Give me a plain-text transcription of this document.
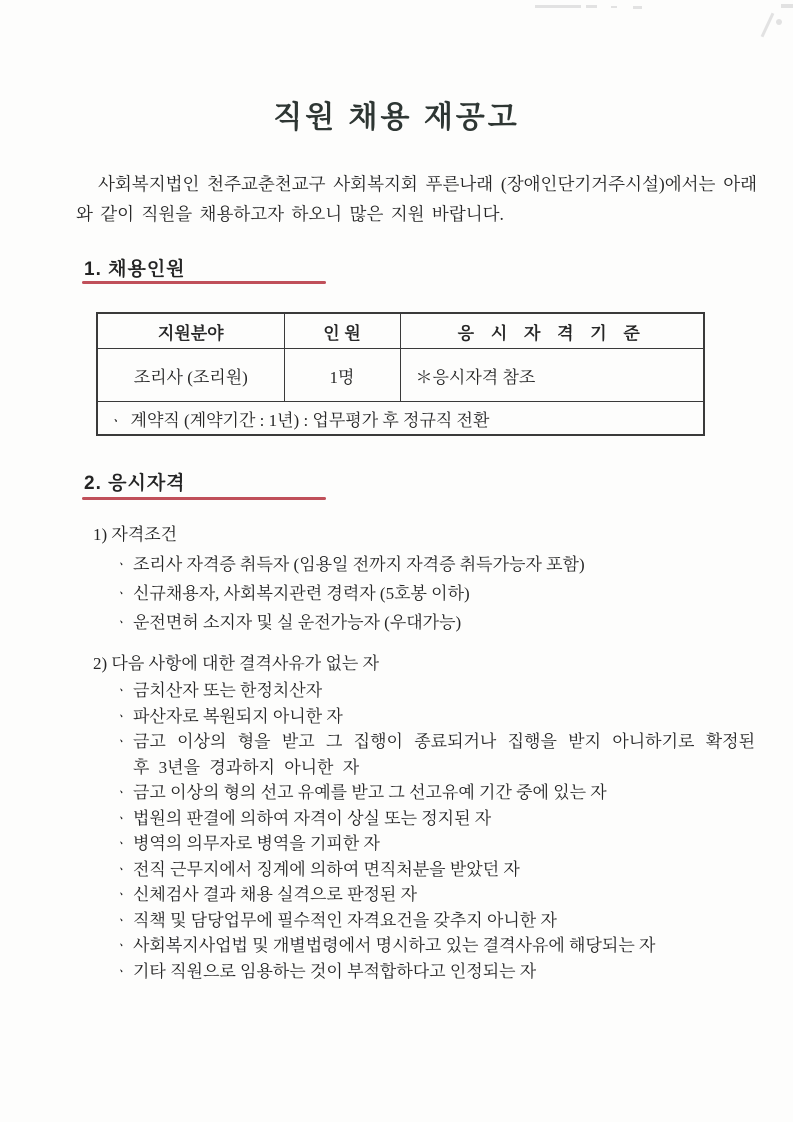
직원 채용 재공고

사회복지법인 천주교춘천교구 사회복지회 푸른나래 (장애인단기거주시설)에서는 아래와 같이 직원을 채용하고자 하오니 많은 지원 바랍니다.

1. 채용인원
지원분야	인 원	응 시 자 격 기 준
조리사 (조리원)	1명	＊응시자격 참조
ㆍ 계약직 (계약기간 : 1년) : 업무평가 후 정규직 전환		
2. 응시자격
1) 자격조건
ㆍ 조리사 자격증 취득자 (임용일 전까지 자격증 취득가능자 포함)
ㆍ 신규채용자, 사회복지관련 경력자 (5호봉 이하)
ㆍ 운전면허 소지자 및 실 운전가능자 (우대가능)
2) 다음 사항에 대한 결격사유가 없는 자
ㆍ 금치산자 또는 한정치산자
ㆍ 파산자로 복원되지 아니한 자
ㆍ 금고 이상의 형을 받고 그 집행이 종료되거나 집행을 받지 아니하기로 확정된 후 3년을 경과하지 아니한 자
ㆍ 금고 이상의 형의 선고 유예를 받고 그 선고유예 기간 중에 있는 자
ㆍ 법원의 판결에 의하여 자격이 상실 또는 정지된 자
ㆍ 병역의 의무자로 병역을 기피한 자
ㆍ 전직 근무지에서 징계에 의하여 면직처분을 받았던 자
ㆍ 신체검사 결과 채용 실격으로 판정된 자
ㆍ 직책 및 담당업무에 필수적인 자격요건을 갖추지 아니한 자
ㆍ 사회복지사업법 및 개별법령에서 명시하고 있는 결격사유에 해당되는 자
ㆍ 기타 직원으로 임용하는 것이 부적합하다고 인정되는 자
